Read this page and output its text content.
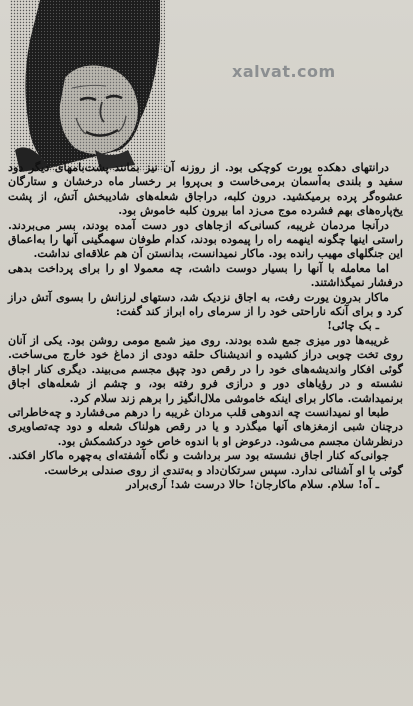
xalvat.com

درانتهای دهکده یورت کوچکی بود. از روزنه آن نیز بمانند پشت‌بامهای دیگر دود سفید و بلندی به‌آسمان برمی‌خاست و بی‌پروا بر رخسار ماه درخشان و ستارگان عشوه‌گر پرده برمیکشید. درون کلبه، دراجاق شعله‌های شادیبخش آتش، از پشت یخ‌پاره‌های بهم فشرده موج می‌زد اما بیرون کلبه خاموش بود.

درآنجا مردمان غریبه، کسانی‌که ازجاهای دور دست آمده بودند، بسر می‌بردند. راستی اینها چگونه اینهمه راه را پیموده بودند، کدام طوفان سهمگینی آنها را به‌اعماق این جنگلهای مهیب رانده بود. ماکار نمیدانست، بدانستن آن هم علاقه‌ای نداشت.

اما معامله با آنها را بسیار دوست داشت، چه معمولا او را برای پرداخت بدهی درفشار نمیگذاشتند.

ماکار بدرون یورت رفت، به اجاق نزدیک شد، دستهای لرزانش را بسوی آتش دراز کرد و برای آنکه ناراحتی خود را از سرمای راه ابراز کند گفت:

ـ بک چائی!

غریبه‌ها دور میزی جمع شده بودند. روی میز شمع مومی روشن بود. یکی از آنان روی تخت چوبی دراز کشیده و اندیشناک حلقه دودی از دماغ خود خارج می‌ساخت. گوئی افکار واندیشه‌های خود را در رقص دود چپق مجسم می‌بیند. دیگری کنار اجاق نشسته و در رؤیاهای دور و درازی فرو رفته بود، و چشم از شعله‌های اجاق برنمیداشت. ماکار برای اینکه خاموشی ملال‌انگیز را برهم زند سلام کرد.

طبعا او نمیدانست چه اندوهی قلب مردان غریبه را درهم می‌فشارد و چه‌خاطراتی درچنان شبی ازمغزهای آنها میگذرد و یا در رقص هولناک شعله و دود چه‌تصاویری درنظرشان مجسم می‌شود. درعوض او با اندوه خاص خود درکشمکش بود.

جوانی‌که کنار اجاق نشسته بود سر برداشت و نگاه آشفته‌ای به‌چهره ماکار افکند. گوئی با او آشنائی ندارد. سپس سرتکان‌داد و به‌تندی از روی صندلی برخاست.

ـ آه! سلام. سلام ماکارجان! حالا درست شد! آری‌برادر
